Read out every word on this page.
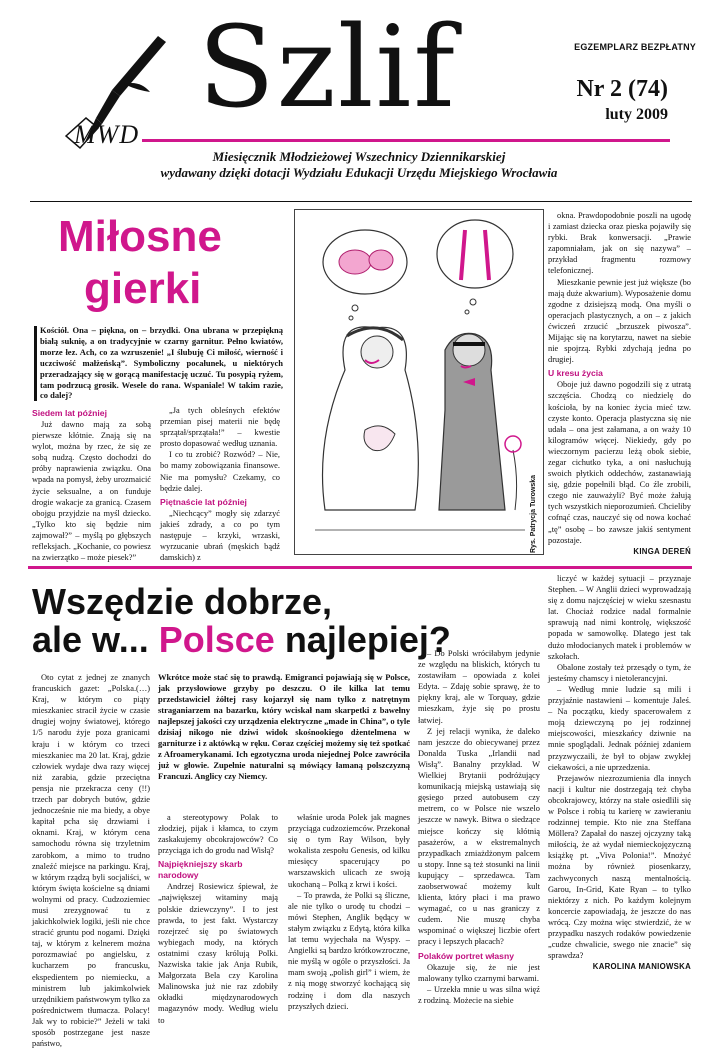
MWD
Szlif	EGZEMPLARZ BEZPŁATNY
Nr 2 (74)
luty 2009
Miesięcznik Młodzieżowej Wszechnicy Dziennikarskiej
wydawany dzięki dotacji Wydziału Edukacji Urzędu Miejskiego Wrocławia
Miłosne
gierki
Kościół. Ona – piękna, on – brzydki. Ona ubrana w przepiękną białą suknię, a on tradycyjnie w czarny garnitur. Pełno kwiatów, morze łez. Ach, co za wzruszenie! „I ślubuję Ci miłość, wierność i uczciwość małżeńską”. Symboliczny pocałunek, u niektórych przeradzający się w gorącą manifestację uczuć. Tu posypią ryżem, tam podrzucą grosik. Wesele do rana. Wspaniale! W takim razie, co dalej?

Siedem lat później

Już dawno mają za sobą pierwsze kłótnie. Znają się na wylot, można by rzec, że się ze sobą nudzą. Często dochodzi do próby naprawienia związku. Ona wpada na pomysł, żeby urozmaicić życie seksualne, a on funduje drogie wakacje za granicą. Czasem obojgu przyjdzie na myśl dziecko. „Tylko kto się będzie nim zajmował?” – myślą po głębszych refleksjach. „Kochanie, co powiesz na zwierzątko – może piesek?”

„Ja tych obleśnych efektów przemian pisej materii nie będę sprzątał/sprzątała!” – kwestie prosto dopasować według uznania.

I co tu zrobić? Rozwód? – Nie, bo mamy zobowiązania finansowe. Nie ma pomysłu? Czekamy, co będzie dalej.

Piętnaście lat później

„Niechcący” mogły się zdarzyć jakieś zdrady, a co po tym następuje – krzyki, wrzaski, wyrzucanie ubrań (męskich bądź damskich) z

Rys. Patrycja Turowska

okna. Prawdopodobnie poszli na ugodę i zamiast dziecka oraz pieska pojawiły się rybki. Brak konwersacji. „Prawie zapomniałam, jak on się nazywa” – przykład fragmentu rozmowy telefonicznej.

Mieszkanie pewnie jest już większe (bo mają duże akwarium). Wyposażenie domu zgodne z dzisiejszą modą. Ona myśli o operacjach plastycznych, a on – z jakich ćwiczeń zrzucić „brzuszek piwosza”. Mijając się na korytarzu, nawet na siebie nie spojrzą. Rybki zdychają jedna po drugiej.

U kresu życia

Oboje już dawno pogodzili się z utratą szczęścia. Chodzą co niedzielę do kościoła, by na koniec życia mieć tzw. czyste konto. Operacja plastyczna się nie udała – ona jest załamana, a on waży 10 kilogramów więcej. Niekiedy, gdy po wieczornym pacierzu leżą obok siebie, zegar cichutko tyka, a oni nasłuchują swoich płytkich oddechów, zastanawiają się, gdzie popełnili błąd. Co źle zrobili, czego nie zauważyli? Być może żałują tych wszystkich nieporozumień. Chcieliby cofnąć czas, nauczyć się od nowa kochać „tę” osobę – bo zawsze jakiś sentyment pozostaje.

KINGA DEREŃ

Wszędzie dobrze,
ale w... Polsce najlepiej?

Oto cytat z jednej ze znanych francuskich gazet: „Polska.(…) Kraj, w którym co piąty mieszkaniec stracił życie w czasie drugiej wojny światowej, którego 1/5 narodu żyje poza granicami kraju i w którym co trzeci mieszkaniec ma 20 lat. Kraj, gdzie człowiek wydaje dwa razy więcej niż zarabia, gdzie przeciętna pensja nie przekracza ceny (!!) trzech par dobrych butów, gdzie jednocześnie nie ma biedy, a obye kapitał pcha się drzwiami i oknami. Kraj, w którym cena samochodu równa się trzyletnim zarobkom, a mimo to trudno znaleźć miejsce na parkingu. Kraj, w którym rządzą byli socjaliści, w którym święta kościelne są dniami wolnymi od pracy. Cudzoziemiec musi zrezygnować tu z jakichkolwiek logiki, jeśli nie chce stracić gruntu pod nogami. Dzięki taj, w którym z kelnerem można porozmawiać po angielsku, z kucharzem po francusku, ekspedientem po niemiecku, a ministrem lub jakimkolwiek urzędnikiem państwowym tylko za pośrednictwem tłumacza. Polacy! Jak wy to robicie?” Jeżeli w taki sposób postrzegane jest nasze państwo,

Wkrótce może stać się to prawdą. Emigranci pojawiają się w Polsce, jak przysłowiowe grzyby po deszczu. O ile kilka lat temu przedstawiciel żółtej rasy kojarzył się nam tylko z natrętnym straganiarzem na bazarku, który wciskał nam skarpetki z bawełny najlepszej jakości czy urządzenia elektryczne „made in China”, o tyle dzisiaj nikogo nie dziwi widok skośnookiego dżentelmena w garniturze i z aktówką w ręku. Coraz częściej możemy się też spotkać z Afroamerykanami. Ich egzotyczna uroda niejednej Polce zawróciła już w głowie. Zupełnie naturalni są mówiący łamaną polszczyzną Francuzi. Anglicy czy Niemcy.

a stereotypowy Polak to złodziej, pijak i kłamca, to czym zaskakujemy obcokrajowców? Co przyciąga ich do grodu nad Wisłą?

Najpiękniejszy skarb narodowy

Andrzej Rosiewicz śpiewał, że „największej witaminy mają polskie dziewczyny”. I to jest prawda, to jest fakt. Wystarczy rozejrzeć się po światowych wybiegach mody, na których ostatnimi czasy królują Polki. Nazwiska takie jak Anja Rubik, Małgorzata Bela czy Karolina Malinowska już nie raz zdobiły okładki międzynarodowych magazynów mody. Według wielu to

właśnie uroda Polek jak magnes przyciąga cudzoziemców. Przekonał się o tym Ray Wilson, były wokalista zespołu Genesis, od kilku miesięcy spacerujący po warszawskich ulicach ze swoją ukochaną – Polką z krwi i kości.

– To prawda, że Polki są śliczne, ale nie tylko o urodę tu chodzi – mówi Stephen, Anglik będący w stałym związku z Edytą, która kilka lat temu wyjechała na Wyspy. – Angielki są bardzo krótkowzroczne, nie myślą w ogóle o przyszłości. Ja mam swoją „polish girl” i wiem, że z nią mogę stworzyć kochającą się rodzinę i dom dla naszych przyszłych dzieci.

– Do Polski wróciłabym jedynie ze względu na bliskich, których tu zostawiłam – opowiada z kolei Edyta. – Zdaję sobie sprawę, że to piękny kraj, ale w Torquay, gdzie mieszkam, żyje się po prostu łatwiej.

Z jej relacji wynika, że daleko nam jeszcze do obiecywanej przez Donalda Tuska „Irlandii nad Wisłą”. Banalny przykład. W Wielkiej Brytanii podróżujący komunikacją miejską ustawiają się gęsiego przed autobusem czy metrem, co w Polsce nie wszelo jeszcze w nawyk. Bitwa o siedzące miejsce kończy się kłótnią pasażerów, a w ekstremalnych przypadkach zmiażdżonym palcem u stopy. Inne są też stosunki na linii kupujący – sprzedawca. Tam zaobserwować możemy kult klienta, który płaci i ma prawo wymagać, co u nas graniczy z cudem. Nie muszę chyba wspominać o większej liczbie ofert pracy i lepszych płacach?

Polaków portret własny

Okazuje się, że nie jest malowany tylko czarnymi barwami.

– Urzekła mnie u was silna więź z rodziną. Możecie na siebie

liczyć w każdej sytuacji – przyznaje Stephen. – W Anglii dzieci wyprowadzają się z domu najczęściej w wieku szesnastu lat. Chociaż rodzice nadal formalnie sprawują nad nimi kontrolę, większość popada w samowolkę. Dlatego jest tak dużo młodocianych matek i problemów w szkołach.

Obalone zostały też przesądy o tym, że jesteśmy chamscy i nietolerancyjni.

– Według mnie ludzie są mili i przyjaźnie nastawieni – komentuje Jaleś. – Na początku, kiedy spacerowałem z moją dziewczyną po jej rodzinnej miejscowości, mieszkańcy dziwnie na mnie spoglądali. Jednak później zdaniem przyzwyczaili, że był to objaw zwykłej ciekawości, a nie uprzedzenia.

Przejawów niezrozumienia dla innych nacji i kultur nie dostrzegają też chyba obcokrajowcy, którzy na stałe osiedlili się w Polsce i robią tu karierę w zawieraniu rodzinnej tempie. Kto nie zna Steffana Möllera? Zapałał do naszej ojczyzny taką miłością, że aż wydał niemieckojęzyczną książkę pt. „Viva Polonia!”. Mnożyć można by również piosenkarzy, zachwyconych naszą mentalnością. Garou, In-Grid, Kate Ryan – to tylko niektórzy z nich. Po każdym kolejnym koncercie zapowiadają, że jeszcze do nas wrócą. Czy można więc stwierdzić, że w przypadku naszych rodaków powiedzenie „cudze chwalicie, swego nie znacie” się sprawdza?

KAROLINA MANIOWSKA
